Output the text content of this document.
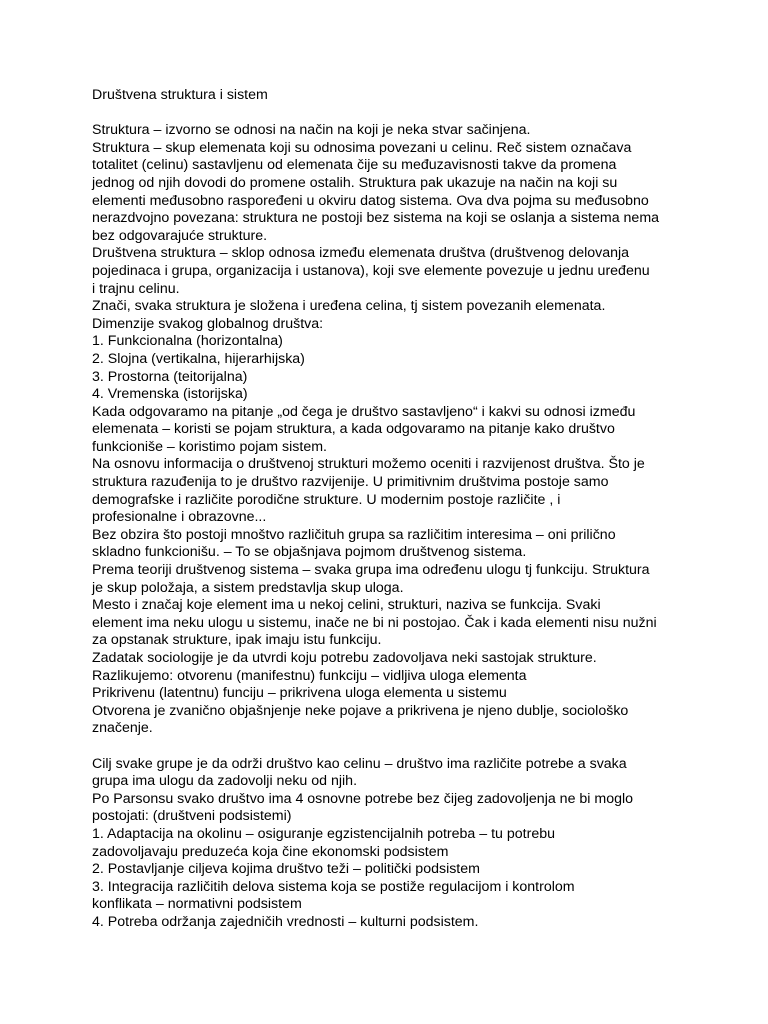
Društvena struktura i sistem

Struktura – izvorno se odnosi na način na koji je neka stvar sačinjena.

Struktura – skup elemenata koji su odnosima povezani u celinu. Reč sistem označava

totalitet (celinu) sastavljenu od elemenata čije su međuzavisnosti takve da promena

jednog od njih dovodi do promene ostalih. Struktura pak ukazuje na način na koji su

elementi međusobno raspoređeni u okviru datog sistema. Ova dva pojma su međusobno

nerazdvojno povezana: struktura ne postoji bez sistema na koji se oslanja a sistema nema

bez odgovarajuće strukture.

Društvena struktura – sklop odnosa između elemenata društva (društvenog delovanja

pojedinaca i grupa, organizacija i ustanova), koji sve elemente povezuje u jednu uređenu

i trajnu celinu.

Znači, svaka struktura je složena i uređena celina, tj sistem povezanih elemenata.

Dimenzije svakog globalnog društva:

1. Funkcionalna (horizontalna)

2. Slojna (vertikalna, hijerarhijska)

3. Prostorna (teitorijalna)

4. Vremenska (istorijska)

Kada odgovaramo na pitanje „od čega je društvo sastavljeno“ i kakvi su odnosi između

elemenata – koristi se pojam struktura, a kada odgovaramo na pitanje kako društvo

funkcioniše – koristimo pojam sistem.

Na osnovu informacija o društvenoj strukturi možemo oceniti i razvijenost društva. Što je

struktura razuđenija to je društvo razvijenije. U primitivnim društvima postoje samo

demografske i različite porodične strukture. U modernim postoje različite , i

profesionalne i obrazovne...

Bez obzira što postoji mnoštvo različituh grupa sa različitim interesima – oni prilično

skladno funkcionišu. – To se objašnjava pojmom društvenog sistema.

Prema teoriji društvenog sistema – svaka grupa ima određenu ulogu tj funkciju. Struktura

je skup položaja, a sistem predstavlja skup uloga.

Mesto i značaj koje element ima u nekoj celini, strukturi, naziva se funkcija. Svaki

element ima neku ulogu u sistemu, inače ne bi ni postojao. Čak i kada elementi nisu nužni

za opstanak strukture, ipak imaju istu funkciju.

Zadatak sociologije je da utvrdi koju potrebu zadovoljava neki sastojak strukture.

Razlikujemo: otvorenu (manifestnu) funkciju – vidljiva uloga elementa

Prikrivenu (latentnu) funciju – prikrivena uloga elementa u sistemu

Otvorena je zvanično objašnjenje neke pojave a prikrivena je njeno dublje, sociološko

značenje.

Cilj svake grupe je da održi društvo kao celinu – društvo ima različite potrebe a svaka

grupa ima ulogu da zadovolji neku od njih.

Po Parsonsu svako društvo ima 4 osnovne potrebe bez čijeg zadovoljenja ne bi moglo

postojati: (društveni podsistemi)

1. Adaptacija na okolinu – osiguranje egzistencijalnih potreba – tu potrebu

zadovoljavaju preduzeća koja čine ekonomski podsistem

2. Postavljanje ciljeva kojima društvo teži – politički podsistem

3. Integracija različitih delova sistema koja se postiže regulacijom i kontrolom

konflikata – normativni podsistem

4. Potreba održanja zajedničih vrednosti – kulturni podsistem.
